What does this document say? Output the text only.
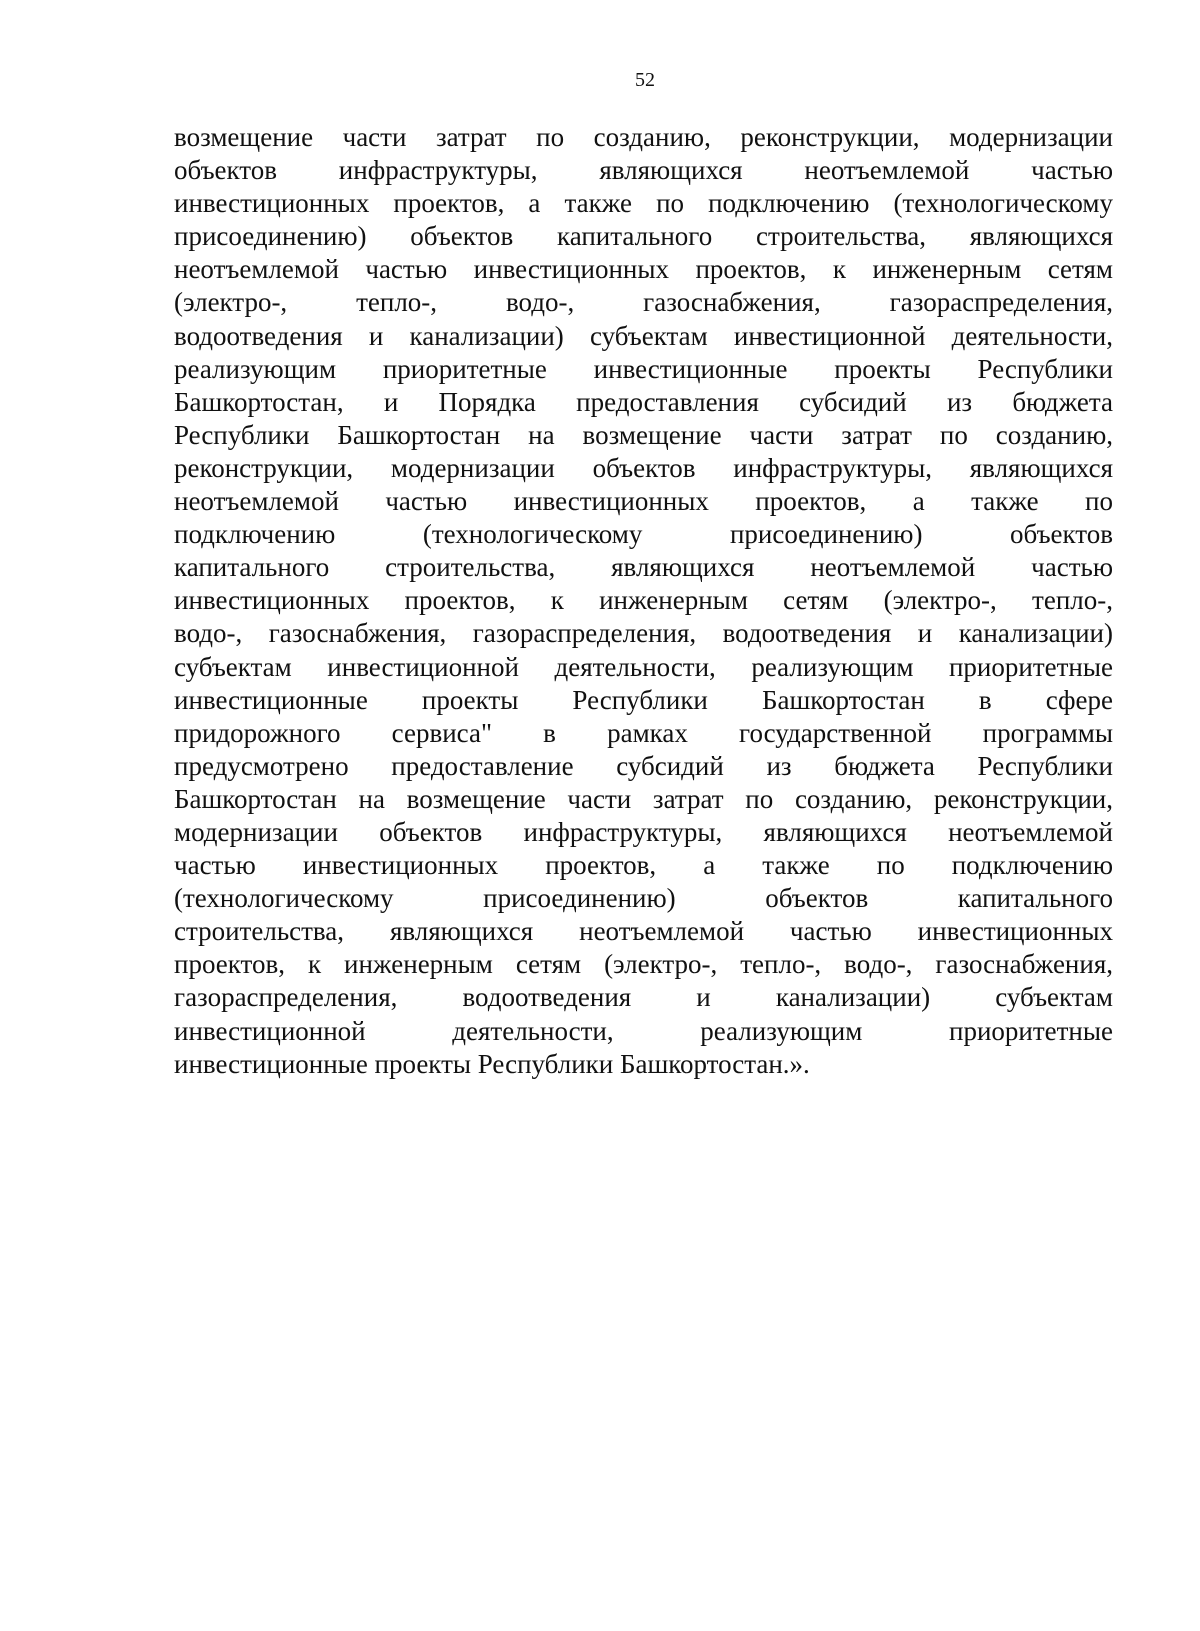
52
возмещение части затрат по созданию, реконструкции, модернизации
объектов инфраструктуры, являющихся неотъемлемой частью
инвестиционных проектов, а также по подключению (технологическому
присоединению) объектов капитального строительства, являющихся
неотъемлемой частью инвестиционных проектов, к инженерным сетям
(электро-, тепло-, водо-, газоснабжения, газораспределения,
водоотведения и канализации) субъектам инвестиционной деятельности,
реализующим приоритетные инвестиционные проекты Республики
Башкортостан, и Порядка предоставления субсидий из бюджета
Республики Башкортостан на возмещение части затрат по созданию,
реконструкции, модернизации объектов инфраструктуры, являющихся
неотъемлемой частью инвестиционных проектов, а также по
подключению (технологическому присоединению) объектов
капитального строительства, являющихся неотъемлемой частью
инвестиционных проектов, к инженерным сетям (электро-, тепло-,
водо-, газоснабжения, газораспределения, водоотведения и канализации)
субъектам инвестиционной деятельности, реализующим приоритетные
инвестиционные проекты Республики Башкортостан в сфере
придорожного сервиса" в рамках государственной программы
предусмотрено предоставление субсидий из бюджета Республики
Башкортостан на возмещение части затрат по созданию, реконструкции,
модернизации объектов инфраструктуры, являющихся неотъемлемой
частью инвестиционных проектов, а также по подключению
(технологическому присоединению) объектов капитального
строительства, являющихся неотъемлемой частью инвестиционных
проектов, к инженерным сетям (электро-, тепло-, водо-, газоснабжения,
газораспределения, водоотведения и канализации) субъектам
инвестиционной деятельности, реализующим приоритетные
инвестиционные проекты Республики Башкортостан.».
